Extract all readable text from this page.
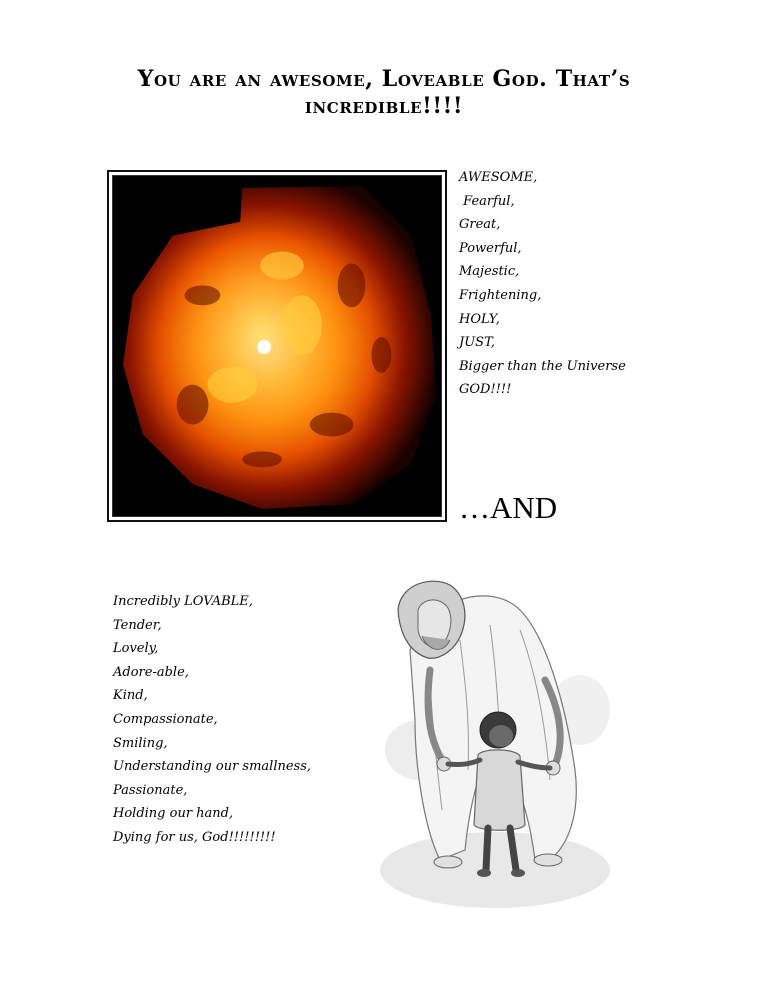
You are an awesome, Loveable God. That’s
incredible!!!!
AWESOME,
Fearful,
Great,
Powerful,
Majestic,
Frightening,
HOLY,
JUST,
Bigger than the Universe
GOD!!!!
…AND
Incredibly LOVABLE,
Tender,
Lovely,
Adore-able,
Kind,
Compassionate,
Smiling,
Understanding our smallness,
Passionate,
Holding our hand,
Dying for us, God!!!!!!!!!
